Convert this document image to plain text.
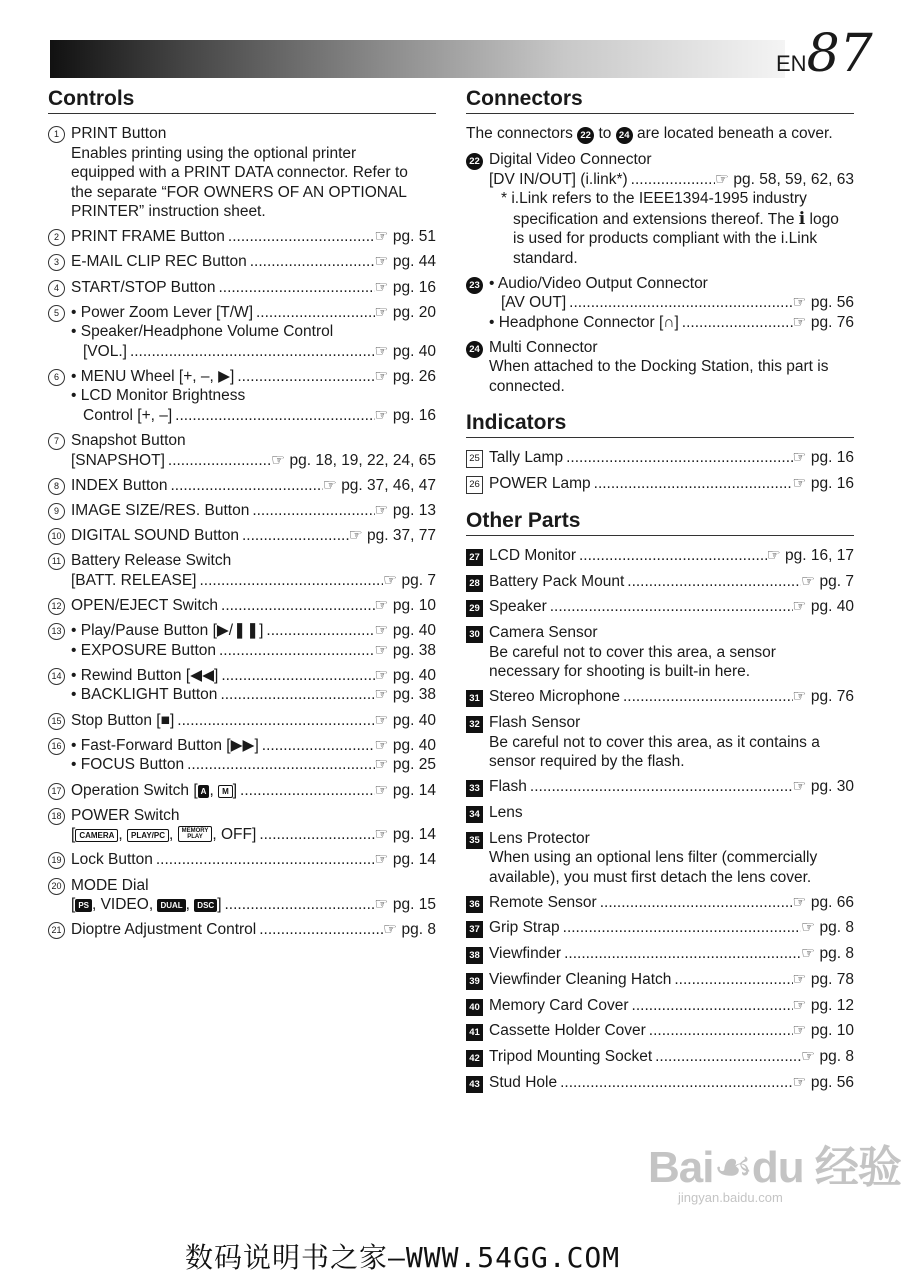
EN87
Controls
1 PRINT Button
Enables printing using the optional printer
equipped with a PRINT DATA connector. Refer to
the separate “FOR OWNERS OF AN OPTIONAL
PRINTER” instruction sheet.
2 PRINT FRAME Button .....	☞ pg. 51
3 E-MAIL CLIP REC Button .....	☞ pg. 44
4 START/STOP Button .....	☞ pg. 16
5 • Power Zoom Lever [T/W] .....	☞ pg. 20
• Speaker/Headphone Volume Control
[VOL.] .....	☞ pg. 40
6 • MENU Wheel [+, –, ▶] .....	☞ pg. 26
• LCD Monitor Brightness
Control [+, –] .....	☞ pg. 16
7 Snapshot Button
[SNAPSHOT] .....	☞ pg. 18, 19, 22, 24, 65
8 INDEX Button .....	☞ pg. 37, 46, 47
9 IMAGE SIZE/RES. Button .....	☞ pg. 13
10 DIGITAL SOUND Button .....	☞ pg. 37, 77
11 Battery Release Switch
[BATT. RELEASE] .....	☞ pg. 7
12 OPEN/EJECT Switch .....	☞ pg. 10
13 • Play/Pause Button [▶/❚❚] .....	☞ pg. 40
• EXPOSURE Button .....	☞ pg. 38
14 • Rewind Button [◀◀] .....	☞ pg. 40
• BACKLIGHT Button .....	☞ pg. 38
15 Stop Button [■] .....	☞ pg. 40
16 • Fast-Forward Button [▶▶] .....	☞ pg. 40
• FOCUS Button .....	☞ pg. 25
17 Operation Switch [ A , M ] .....	☞ pg. 14
18 POWER Switch
[ CAMERA , PLAY/PC , MEMORY
PLAY , OFF] .....	☞ pg. 14
19 Lock Button .....	☞ pg. 14
20 MODE Dial
[ PS , VIDEO, DUAL , DSC ] .....	☞ pg. 15
21 Dioptre Adjustment Control .....	☞ pg. 8
Connectors
The connectors 22 to 24 are located beneath a cover.
22 Digital Video Connector
[DV IN/OUT] (i.link*) .....	☞ pg. 58, 59, 62, 63
* i.Link refers to the IEEE1394-1995 industry
specification and extensions thereof. The ℹ logo
is used for products compliant with the i.Link
standard.
23 • Audio/Video Output Connector
[AV OUT] .....	☞ pg. 56
• Headphone Connector [∩] .....	☞ pg. 76
24 Multi Connector
When attached to the Docking Station, this part is
connected.
Indicators
25 Tally Lamp .....	☞ pg. 16
26 POWER Lamp .....	☞ pg. 16
Other Parts
27 LCD Monitor .....	☞ pg. 16, 17
28 Battery Pack Mount .....	☞ pg. 7
29 Speaker .....	☞ pg. 40
30 Camera Sensor
Be careful not to cover this area, a sensor
necessary for shooting is built-in here.
31 Stereo Microphone .....	☞ pg. 76
32 Flash Sensor
Be careful not to cover this area, as it contains a
sensor required by the flash.
33 Flash .....	☞ pg. 30
34 Lens
35 Lens Protector
When using an optional lens filter (commercially
available), you must first detach the lens cover.
36 Remote Sensor .....	☞ pg. 66
37 Grip Strap .....	☞ pg. 8
38 Viewfinder .....	☞ pg. 8
39 Viewfinder Cleaning Hatch .....	☞ pg. 78
40 Memory Card Cover .....	☞ pg. 12
41 Cassette Holder Cover .....	☞ pg. 10
42 Tripod Mounting Socket .....	☞ pg. 8
43 Stud Hole .....	☞ pg. 56
Bai☙du 经验
jingyan.baidu.com
数码说明书之家—WWW.54GG.COM
